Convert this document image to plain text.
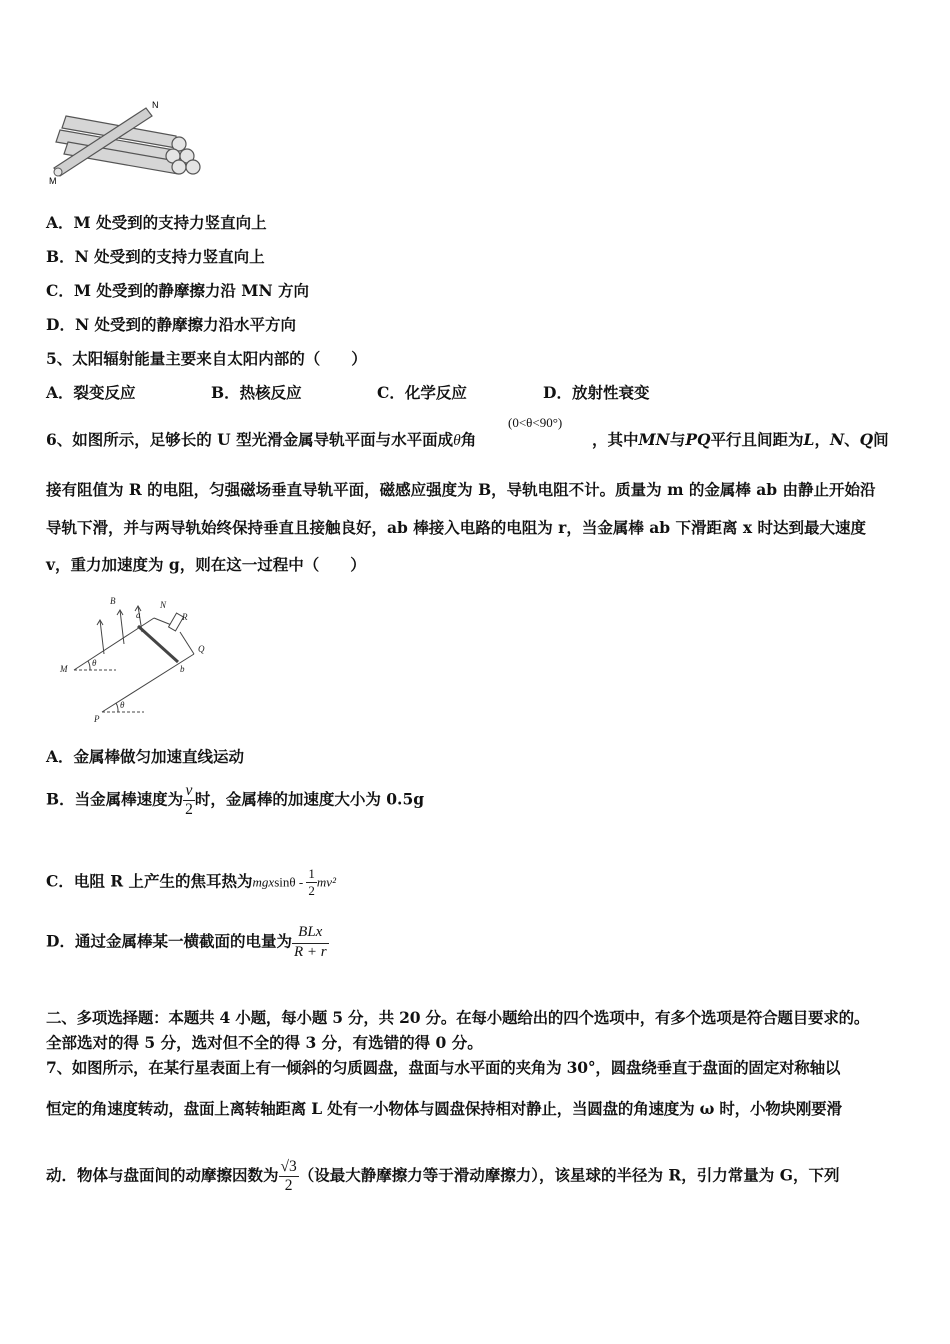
M
N
A．M 处受到的支持力竖直向上
B．N 处受到的支持力竖直向上
C．M 处受到的静摩擦力沿 MN 方向
D．N 处受到的静摩擦力沿水平方向
5、太阳辐射能量主要来自太阳内部的（　　）
A．裂变反应	B．热核反应	C．化学反应	D．放射性衰变
6、如图所示，足够长的 U 型光滑金属导轨平面与水平面成θ角
(0<θ<90°)
，其中MN与PQ平行且间距为L，N、Q间
接有阻值为 R 的电阻，匀强磁场垂直导轨平面，磁感应强度为 B，导轨电阻不计。质量为 m 的金属棒 ab 由静止开始沿
导轨下滑，并与两导轨始终保持垂直且接触良好，ab 棒接入电路的电阻为 r，当金属棒 ab 下滑距离 x 时达到最大速度
v，重力加速度为 g，则在这一过程中（　　）
B
a
N
R
Q
M	b
P
θ
θ
A．金属棒做匀加速直线运动
B．当金属棒速度为 $\frac{v}{2}$ 时，金属棒的加速度大小为 0.5g
C．电阻 R 上产生的焦耳热为mgxsinθ - $\frac{1}{2} mv^2$
D．通过金属棒某一横截面的电量为 $\frac{\text{BLx}}{R + r}$
二、多项选择题：本题共 4 小题，每小题 5 分，共 20 分。在每小题给出的四个选项中，有多个选项是符合题目要求的。
全部选对的得 5 分，选对但不全的得 3 分，有选错的得 0 分。
7、如图所示，在某行星表面上有一倾斜的匀质圆盘，盘面与水平面的夹角为 30°，圆盘绕垂直于盘面的固定对称轴以
恒定的角速度转动，盘面上离转轴距离 L 处有一小物体与圆盘保持相对静止，当圆盘的角速度为 ω 时，小物块刚要滑
动．物体与盘面间的动摩擦因数为 $\frac{√3}{2}$ （设最大静摩擦力等于滑动摩擦力），该星球的半径为 R，引力常量为 G，下列
